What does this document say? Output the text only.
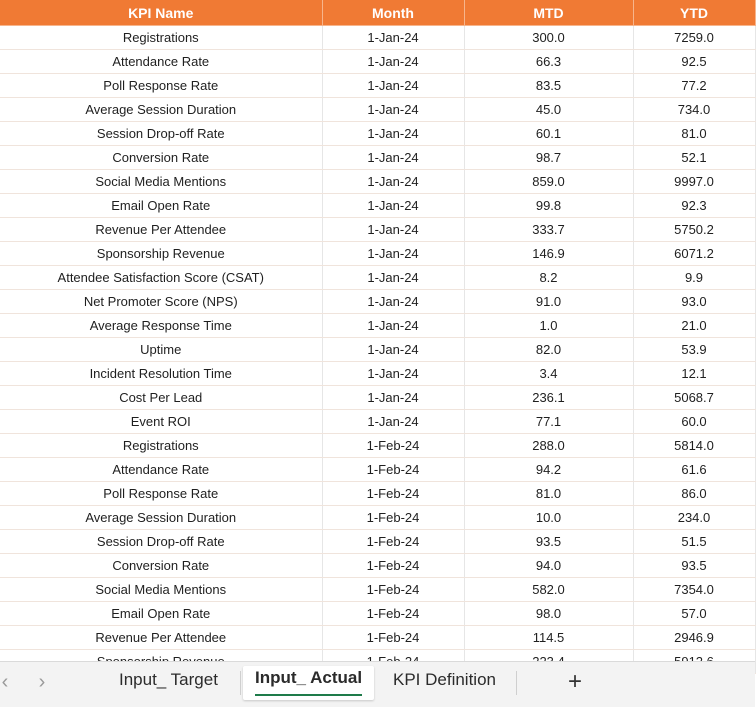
KPI Name	Month	MTD	YTD
Registrations	1-Jan-24	300.0	7259.0
Attendance Rate	1-Jan-24	66.3	92.5
Poll Response Rate	1-Jan-24	83.5	77.2
Average Session Duration	1-Jan-24	45.0	734.0
Session Drop-off Rate	1-Jan-24	60.1	81.0
Conversion Rate	1-Jan-24	98.7	52.1
Social Media Mentions	1-Jan-24	859.0	9997.0
Email Open Rate	1-Jan-24	99.8	92.3
Revenue Per Attendee	1-Jan-24	333.7	5750.2
Sponsorship Revenue	1-Jan-24	146.9	6071.2
Attendee Satisfaction Score (CSAT)	1-Jan-24	8.2	9.9
Net Promoter Score (NPS)	1-Jan-24	91.0	93.0
Average Response Time	1-Jan-24	1.0	21.0
Uptime	1-Jan-24	82.0	53.9
Incident Resolution Time	1-Jan-24	3.4	12.1
Cost Per Lead	1-Jan-24	236.1	5068.7
Event ROI	1-Jan-24	77.1	60.0
Registrations	1-Feb-24	288.0	5814.0
Attendance Rate	1-Feb-24	94.2	61.6
Poll Response Rate	1-Feb-24	81.0	86.0
Average Session Duration	1-Feb-24	10.0	234.0
Session Drop-off Rate	1-Feb-24	93.5	51.5
Conversion Rate	1-Feb-24	94.0	93.5
Social Media Mentions	1-Feb-24	582.0	7354.0
Email Open Rate	1-Feb-24	98.0	57.0
Revenue Per Attendee	1-Feb-24	114.5	2946.9

‹ ›	Input_ Target	Input_ Actual	KPI Definition	+
